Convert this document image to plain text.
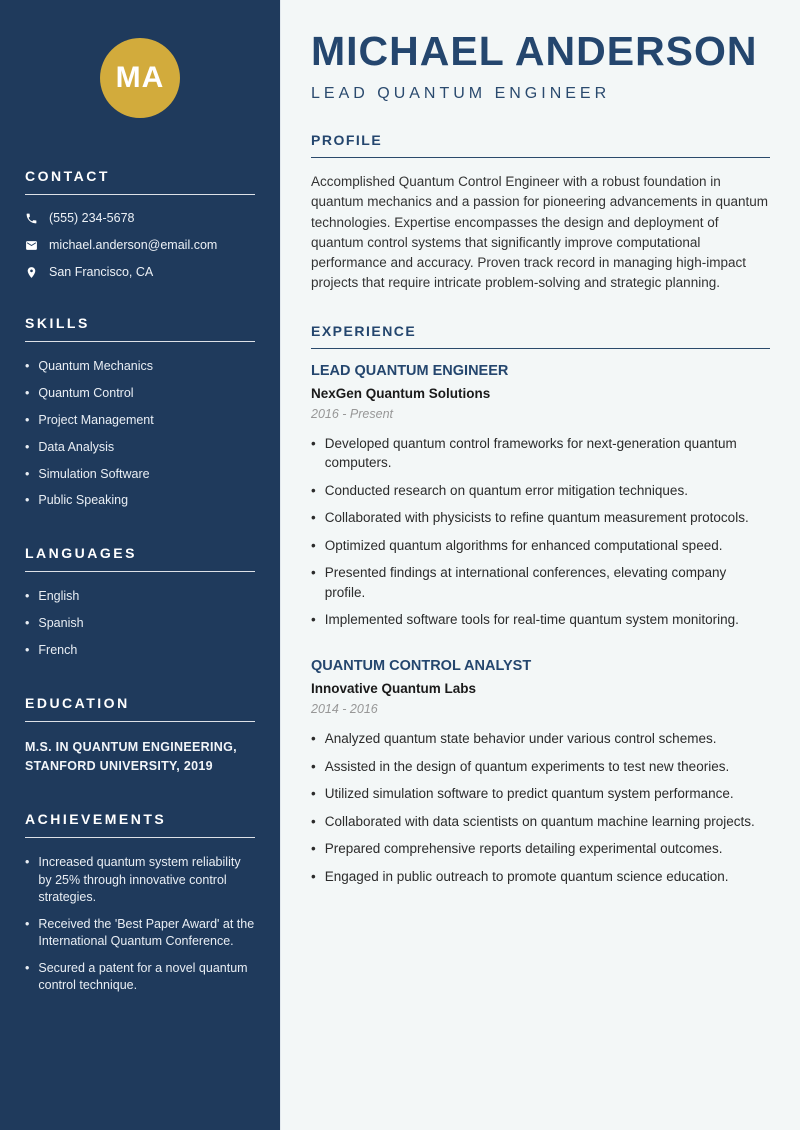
MA
CONTACT
(555) 234-5678
michael.anderson@email.com
San Francisco, CA
SKILLS
• Quantum Mechanics
• Quantum Control
• Project Management
• Data Analysis
• Simulation Software
• Public Speaking
LANGUAGES
• English
• Spanish
• French
EDUCATION

M.S. IN QUANTUM ENGINEERING, STANFORD UNIVERSITY, 2019

ACHIEVEMENTS
• Increased quantum system reliability by 25% through innovative control strategies.
• Received the 'Best Paper Award' at the International Quantum Conference.
• Secured a patent for a novel quantum control technique.
MICHAEL ANDERSON
LEAD QUANTUM ENGINEER
PROFILE

Accomplished Quantum Control Engineer with a robust foundation in quantum mechanics and a passion for pioneering advancements in quantum technologies. Expertise encompasses the design and deployment of quantum control systems that significantly improve computational performance and accuracy. Proven track record in managing high-impact projects that require intricate problem-solving and strategic planning.

EXPERIENCE
LEAD QUANTUM ENGINEER
NexGen Quantum Solutions
2016 - Present
• Developed quantum control frameworks for next-generation quantum computers.
• Conducted research on quantum error mitigation techniques.
• Collaborated with physicists to refine quantum measurement protocols.
• Optimized quantum algorithms for enhanced computational speed.
• Presented findings at international conferences, elevating company profile.
• Implemented software tools for real-time quantum system monitoring.
QUANTUM CONTROL ANALYST
Innovative Quantum Labs
2014 - 2016
• Analyzed quantum state behavior under various control schemes.
• Assisted in the design of quantum experiments to test new theories.
• Utilized simulation software to predict quantum system performance.
• Collaborated with data scientists on quantum machine learning projects.
• Prepared comprehensive reports detailing experimental outcomes.
• Engaged in public outreach to promote quantum science education.
